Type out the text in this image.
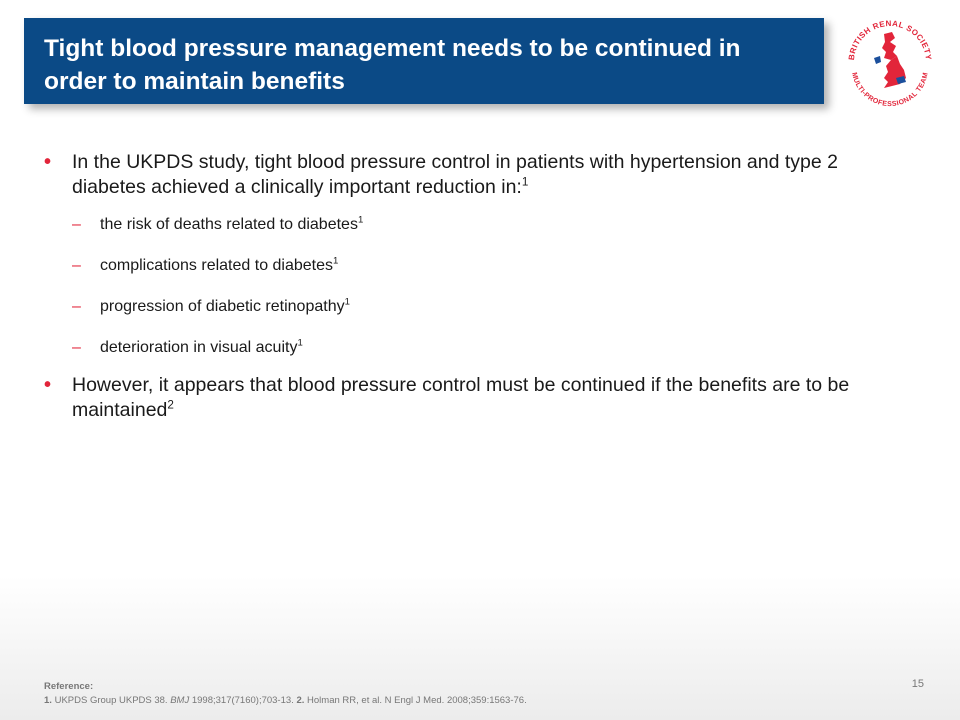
Tight blood pressure management needs to be continued in order to maintain benefits
BRITISH RENAL SOCIETY
MULTI-PROFESSIONAL TEAM
• In the UKPDS study, tight blood pressure control in patients with hypertension and type 2 diabetes achieved a clinically important reduction in:$^1$
– the risk of deaths related to diabetes$^1$
– complications related to diabetes$^1$
– progression of diabetic retinopathy$^1$
– deterioration in visual acuity$^1$
• However, it appears that blood pressure control must be continued if the benefits are to be maintained$^2$
Reference:
1. UKPDS Group UKPDS 38. BMJ 1998;317(7160);703-13. 2. Holman RR, et al. N Engl J Med. 2008;359:1563-76.
15
